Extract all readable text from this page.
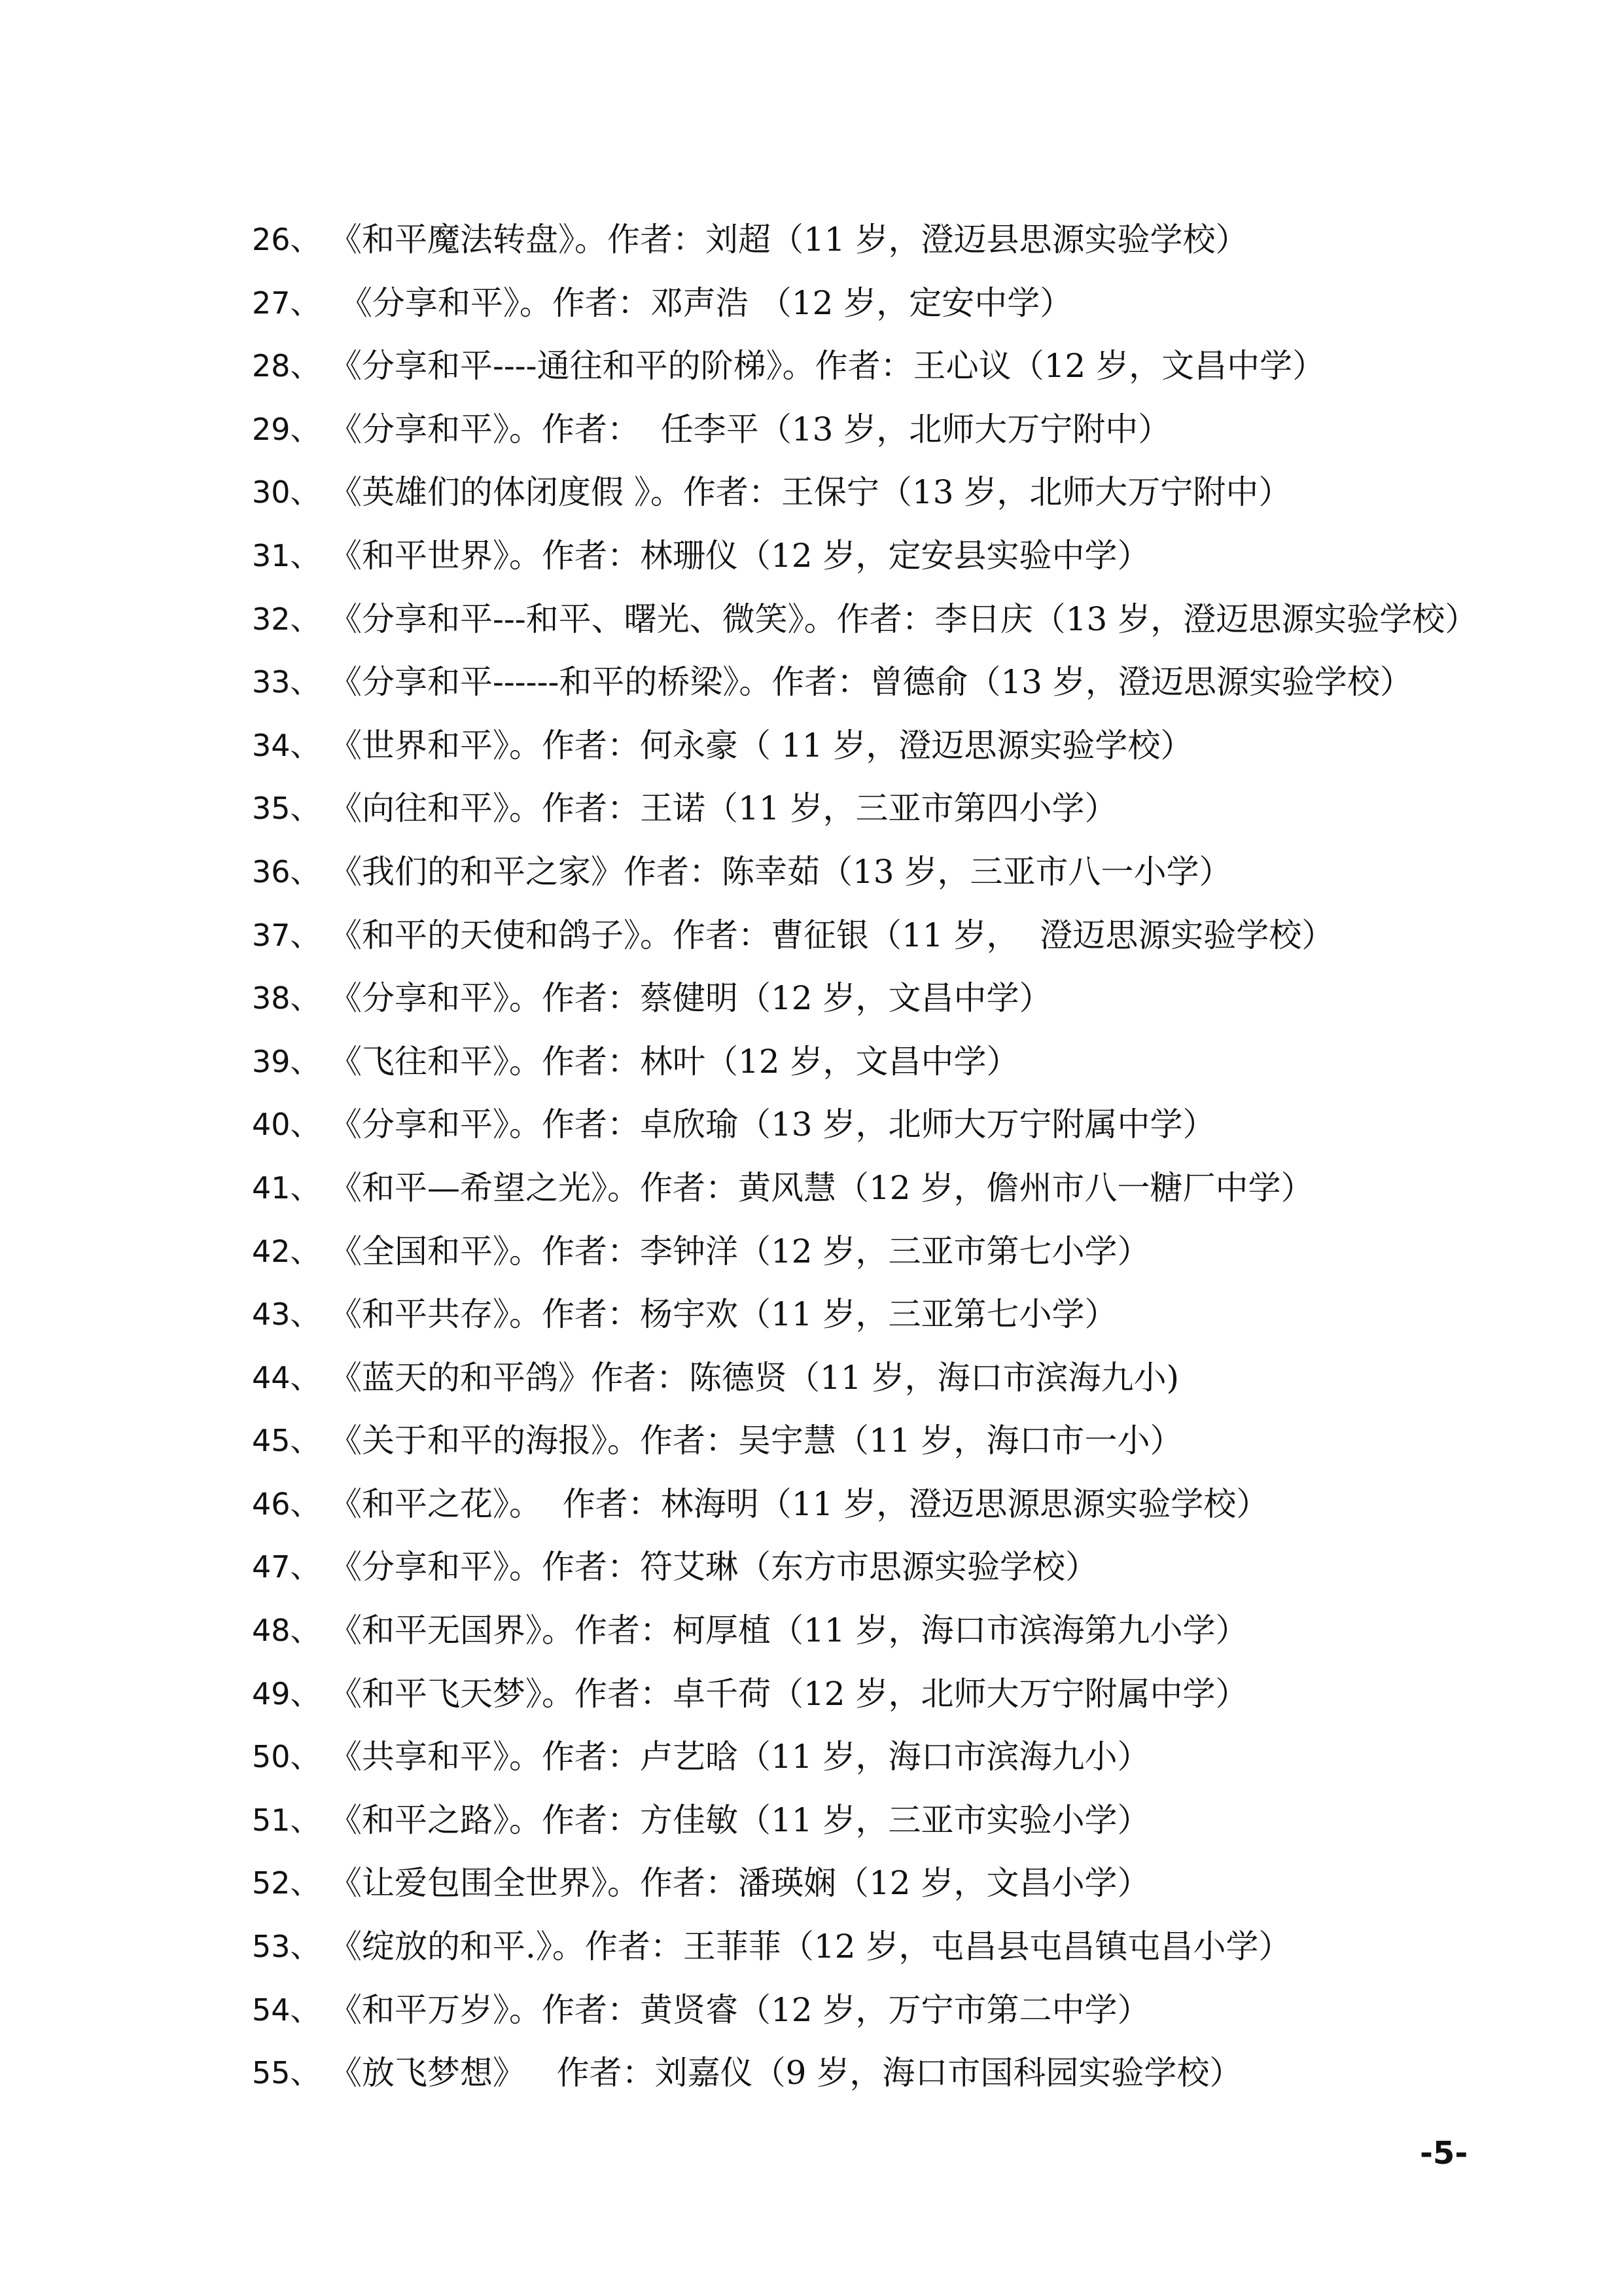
26、 《和平魔法转盘》。作者：刘超（11 岁，澄迈县思源实验学校）
27、 《分享和平》。作者：邓声浩 （12 岁，定安中学）
28、 《分享和平----通往和平的阶梯》。作者：王心议（12 岁，文昌中学）
29、 《分享和平》。作者：  任李平（13 岁，北师大万宁附中）
30、 《英雄们的体闭度假 》。作者：王保宁（13 岁，北师大万宁附中）
31、 《和平世界》。作者：林珊仪（12 岁，定安县实验中学）
32、 《分享和平---和平、曙光、微笑》。作者：李日庆（13 岁，澄迈思源实验学校）
33、 《分享和平------和平的桥梁》。作者：曾德俞（13 岁，澄迈思源实验学校）
34、 《世界和平》。作者：何永豪（ 11 岁，澄迈思源实验学校）
35、 《向往和平》。作者：王诺（11 岁，三亚市第四小学）
36、 《我们的和平之家》作者：陈幸茹（13 岁，三亚市八一小学）
37、 《和平的天使和鸽子》。作者：曹征银（11 岁，  澄迈思源实验学校）
38、 《分享和平》。作者：蔡健明（12 岁，文昌中学）
39、 《飞往和平》。作者：林叶（12 岁，文昌中学）
40、 《分享和平》。作者：卓欣瑜（13 岁，北师大万宁附属中学）
41、 《和平—希望之光》。作者：黄风慧（12 岁，儋州市八一糖厂中学）
42、 《全国和平》。作者：李钟洋（12 岁，三亚市第七小学）
43、 《和平共存》。作者：杨宇欢（11 岁，三亚第七小学）
44、 《蓝天的和平鸽》作者：陈德贤（11 岁，海口市滨海九小)
45、 《关于和平的海报》。作者：吴宇慧（11 岁，海口市一小）
46、 《和平之花》。  作者：林海明（11 岁，澄迈思源思源实验学校）
47、 《分享和平》。作者：符艾琳（东方市思源实验学校）
48、 《和平无国界》。作者：柯厚植（11 岁，海口市滨海第九小学）
49、 《和平飞天梦》。作者：卓千荷（12 岁，北师大万宁附属中学）
50、 《共享和平》。作者：卢艺晗（11 岁，海口市滨海九小）
51、 《和平之路》。作者：方佳敏（11 岁，三亚市实验小学）
52、 《让爱包围全世界》。作者：潘瑛娴（12 岁，文昌小学）
53、 《绽放的和平.》。作者：王菲菲（12 岁，屯昌县屯昌镇屯昌小学）
54、 《和平万岁》。作者：黄贤睿（12 岁，万宁市第二中学）
55、 《放飞梦想》   作者：刘嘉仪（9 岁，海口市国科园实验学校）
-5-
